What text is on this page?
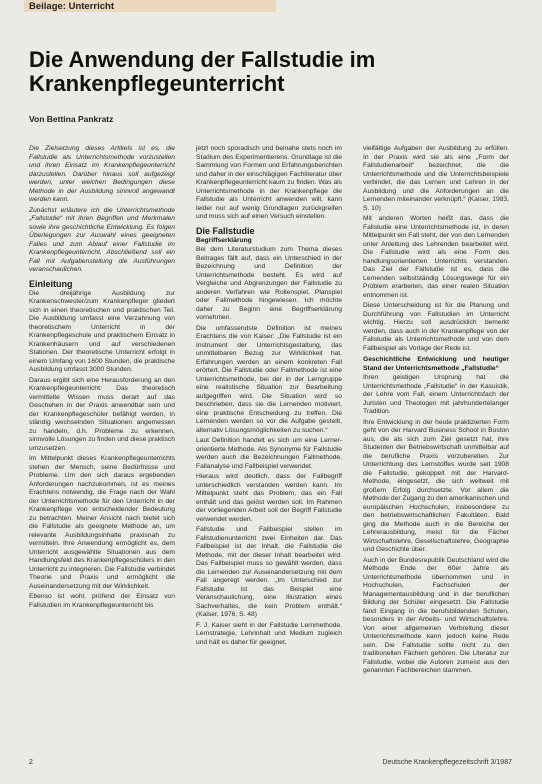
Beilage: Unterricht
Die Anwendung der Fallstudie im Krankenpflegeunterricht
Von Bettina Pankratz

Die Zielsetzung dieses Artikels ist es, die Fallstudie als Unterrichtsmethode vorzustellen und ihren Einsatz im Krankenpflegeunterricht darzustellen. Darüber hinaus soll aufgezeigt werden, unter welchen Bedingungen diese Methode in der Ausbildung sinnvoll angewandt werden kann.

Zunächst erläutere ich die Unterrichtsmethode „Fallstudie“ mit ihren Begriffen und Merkmalen sowie ihre geschichtliche Entwicklung. Es folgen Überlegungen zur Auswahl eines geeigneten Falles und zum Ablauf einer Fallstudie im Krankenpflegeunterricht. Abschließend soll ein Fall mit Aufgabenstellung die Ausführungen veranschaulichen.

Einleitung

Die dreijährige Ausbildung zur Krankenschwester/zum Krankenpfleger gliedert sich in einen theoretischen und praktischen Teil. Die Ausbildung umfasst eine Verzahnung von theoretischem Unterricht in der Krankenpflegeschule und praktischem Einsatz in Krankenhäusern und auf verschiedenen Stationen. Der theoretische Unterricht erfolgt in einem Umfang von 1600 Stunden, die praktische Ausbildung umfasst 3000 Stunden.

Daraus ergibt sich eine Herausforderung an den Krankenpflegeunterricht: Das theoretisch vermittelte Wissen muss derart auf das Geschehen in der Praxis anwendbar sein und der Krankenpflegeschüler befähigt werden, in ständig wechselnden Situationen angemessen zu handeln, d.h. Probleme zu erkennen, sinnvolle Lösungen zu finden und diese praktisch umzusetzen.

Im Mittelpunkt dieses Krankenpflegeunterrichts stehen der Mensch, seine Bedürfnisse und Probleme. Um den sich daraus ergebenden Anforderungen nachzukommen, ist es meines Erachtens notwendig, die Frage nach der Wahl der Unterrichtsmethode für den Unterricht in der Krankenpflege von entscheidender Bedeutung zu betrachten. Meiner Ansicht nach bietet sich die Fallstudie als geeignete Methode an, um relevante Ausbildungsinhalte praxisnah zu vermitteln. Ihre Anwendung ermöglicht es, dem Unterricht ausgewählte Situationen aus dem Handlungsfeld des Krankenpflegeschülers in den Unterricht zu integrieren. Die Fallstudie verbindet Theorie und Praxis und ermöglicht die Auseinandersetzung mit der Wirklichkeit.

Ebenso ist wohl, prüfend der Einsatz von Fallstudien im Krankenpflegeunterricht bis

jetzt noch sporadisch und beinahe stets noch im Stadium des Experimentierens. Grundlage ist die Sammlung von Formen und Erfahrungsberichten und daher in der einschlägigen Fachliteratur über Krankenpflegeunterricht kaum zu finden. Was als Unterrichtsmethode in der Krankenpflege die Fallstudie als Unterricht anwenden will, kann leider nur auf wenig Grundlagen zurückgreifen und muss sich auf einen Versuch einstellen.

Die Fallstudie
Begriffserklärung

Bei dem Literaturstudium zum Thema dieses Beitrages fällt auf, dass ein Unterschied in der Bezeichnung und Definition der Unterrichtsmethode besteht. Es wird auf Vergleiche und Abgrenzungen der Fallstudie zu anderen Verfahren wie Rollenspiel, Planspiel oder Fallmethode hingewiesen. Ich möchte daher zu Beginn eine Begriffserklärung vornehmen.

Die umfassendste Definition ist meines Erachtens die von Kaiser: „Die Fallstudie ist ein Instrument der Unterrichtsgestaltung, das unmittelbaren Bezug zur Wirklichkeit hat. Erfahrungen werden an einem konkreten Fall erörtert. Die Fallstudie oder Fallmethode ist eine Unterrichtsmethode, bei der in der Lerngruppe eine realistische Situation zur Bearbeitung aufgegriffen wird. Die Situation wird so beschrieben, dass sie die Lernenden motiviert, eine praktische Entscheidung zu treffen. Die Lernenden werden so vor die Aufgabe gestellt, alternativ Lösungsmöglichkeiten zu suchen.“

Laut Definition handelt es sich um eine Lerner-orientierte Methode. Als Synonyme für Fallstudie werden auch die Bezeichnungen Fallmethode, Fallanalyse und Fallbeispiel verwendet.

Hieraus wird deutlich, dass der Fallbegriff unterschiedlich verstanden werden kann. Im Mittelpunkt steht das Problem, das ein Fall enthält und das gelöst werden soll. Im Rahmen der vorliegenden Arbeit soll der Begriff Fallstudie verwendet werden.

Fallstudie und Fallbeispiel stellen im Fallstudienunterricht zwei Einheiten dar. Das Fallbeispiel ist der Inhalt, die Fallstudie die Methode, mit der dieser Inhalt bearbeitet wird. Das Fallbeispiel muss so gewählt werden, dass die Lernenden zur Auseinandersetzung mit dem Fall angeregt werden. „Im Unterschied zur Fallstudie ist das Beispiel eine Veranschaulichung, eine Illustration eines Sachverhaltes, die kein Problem enthält.“ (Kaiser, 1976, S. 48)

F. J. Kaiser sieht in der Fallstudie Lernmethode, Lernstrategie, Lehrinhalt und Medium zugleich und hält es daher für geeignet,

vielfältige Aufgaben der Ausbildung zu erfüllen. In der Praxis wird sie als eine „Form der Fallstudienarbeit“ bezeichnet, die die Unterrichtsmethode und die Unterrichtsbeispiele verbindet, die das Lernen und Lehren in der Ausbildung und die Anforderungen an die Lernenden miteinander verknüpft.“ (Kaiser, 1983, S. 10)

Mit anderen Worten heißt das, dass die Fallstudie eine Unterrichtsmethode ist, in deren Mittelpunkt ein Fall steht, der von den Lernenden unter Anleitung des Lehrenden bearbeitet wird. Die Fallstudie wird als eine Form des handlungsorientierten Unterrichts verstanden. Das Ziel der Fallstudie ist es, dass die Lernenden selbstständig Lösungswege für ein Problem erarbeiten, das einer realen Situation entnommen ist.

Diese Unterscheidung ist für die Planung und Durchführung von Fallstudien im Unterricht wichtig. Hierzu soll ausdrücklich bemerkt werden, dass auch in der Krankenpflege von der Fallstudie als Unterrichtsmethode und von dem Fallbeispiel als Vorlage der Rede ist.

Geschichtliche Entwicklung und heutiger Stand der Unterrichtsmethode „Fallstudie“

Ihren geistigen Ursprung hat die Unterrichtsmethode „Fallstudie“ in der Kasuistik, der Lehre vom Fall, einem Unterrichtsfach der Juristen und Theologen mit jahrhundertelanger Tradition.

Ihre Entwicklung in der heute praktizierten Form geht von der Harvard Business School in Boston aus, die als sich zum Ziel gesetzt hat, ihre Studenten der Betriebswirtschaft unmittelbar auf die berufliche Praxis vorzubereiten. Zur Unterrichtung des Lernstoffes wurde seit 1908 die Fallstudie, gekoppelt mit der Harvard-Methode, eingesetzt, die sich weltweit mit großem Erfolg durchsetzte. Vor allem die Methode der Zugang zu den amerikanischen und europäischen Hochschulen, insbesondere zu den betriebswirtschaftlichen Fakultäten. Bald ging die Methode auch in die Bereiche der Lehrerausbildung, meist für die Fächer Wirtschaftslehre, Gesellschaftslehre, Geographie und Geschichte über.

Auch in der Bundesrepublik Deutschland wird die Methode Ende der 60er Jahre als Unterrichtsmethode übernommen und in Hochschulen, Fachschulen der Managementausbildung und in der beruflichen Bildung der Schüler eingesetzt. Die Fallstudie fand Eingang in die berufsbildenden Schulen, besonders in der Arbeits- und Wirtschaftslehre. Von einer allgemeinen Verbreitung dieser Unterrichtsmethode kann jedoch keine Rede sein. Die Fallstudie sollte nicht zu den traditionellen Fächern gehören. Die Literatur zur Fallstudie, wobei die Autoren zumeist aus den genannten Fachbereichen stammen.

2	Deutsche Krankenpflegezeitschrift 3/1987
